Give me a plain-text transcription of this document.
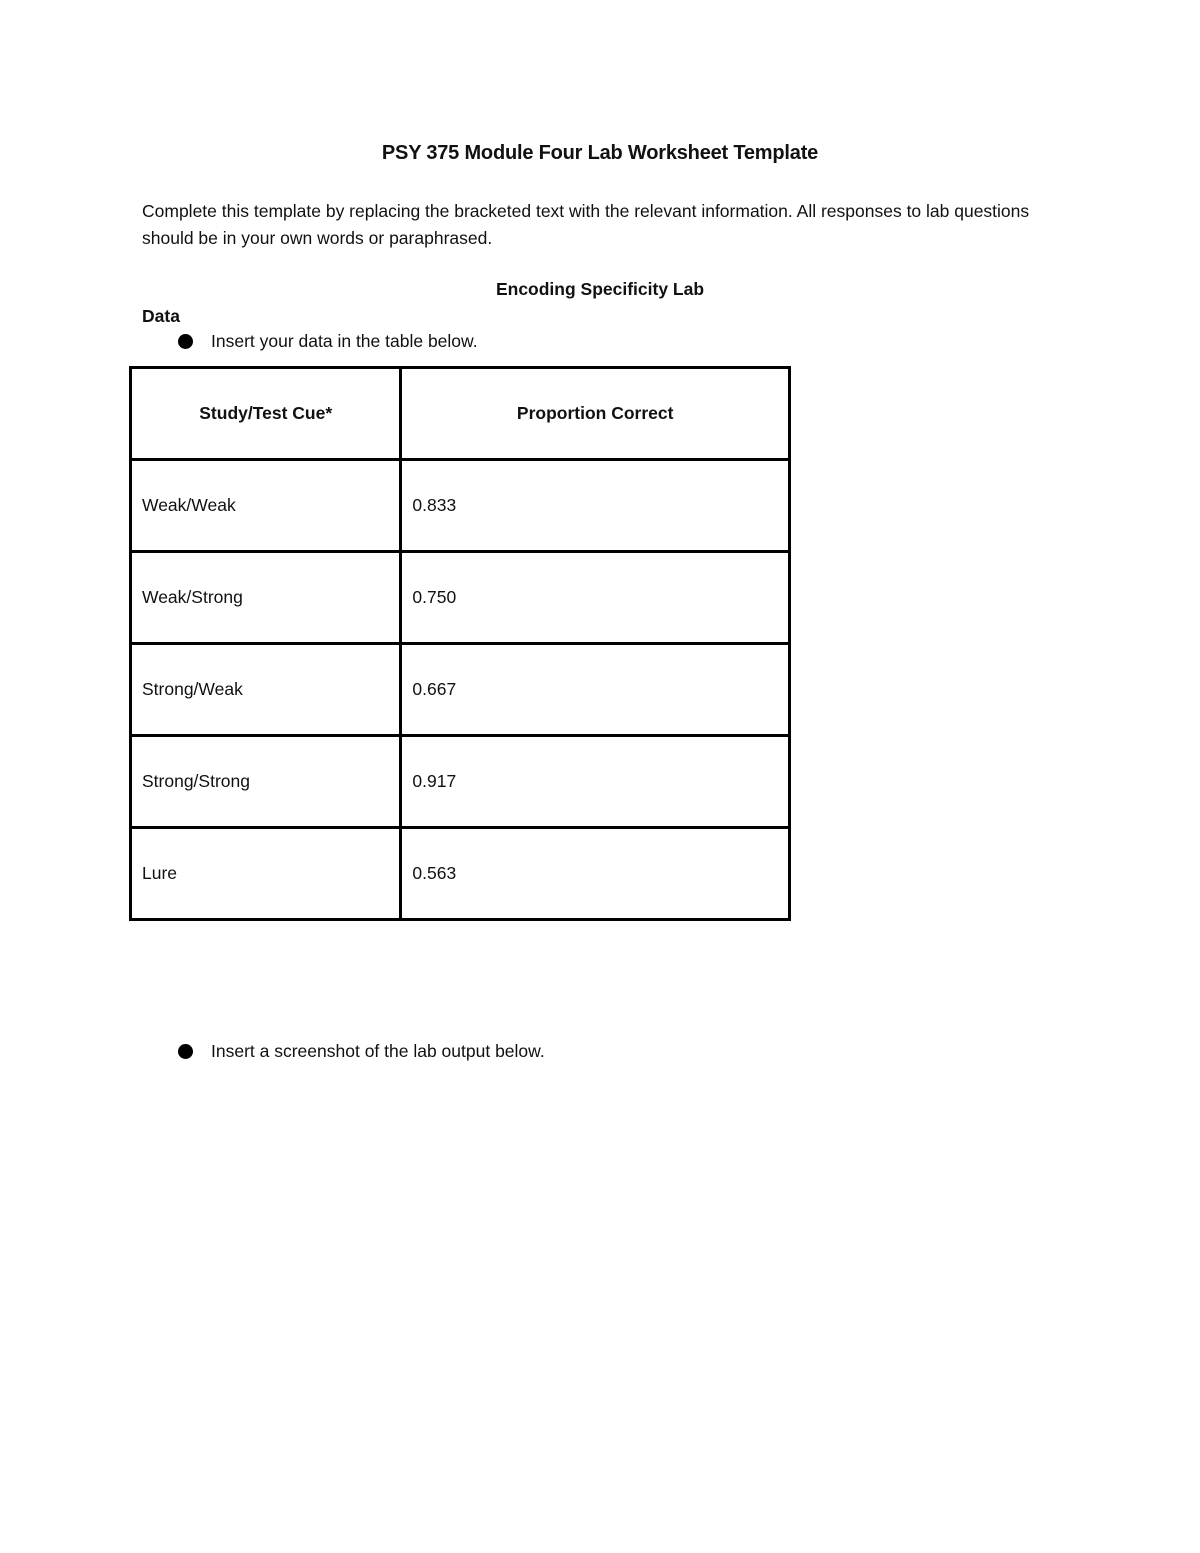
PSY 375 Module Four Lab Worksheet Template
Complete this template by replacing the bracketed text with the relevant information. All responses to lab questions should be in your own words or paraphrased.
Encoding Specificity Lab
Data
Insert your data in the table below.
Study/Test Cue*	Proportion Correct
Weak/Weak	0.833
Weak/Strong	0.750
Strong/Weak	0.667
Strong/Strong	0.917
Lure	0.563
Insert a screenshot of the lab output below.
